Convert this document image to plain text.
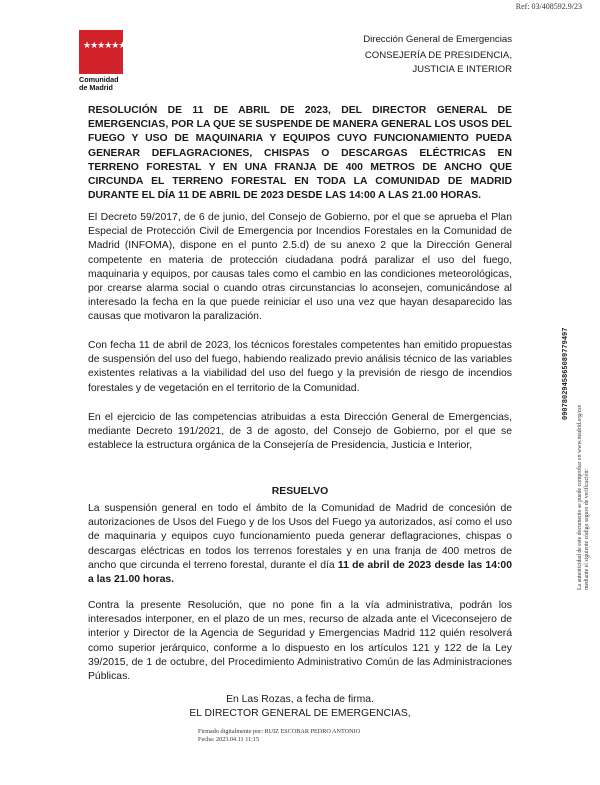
Ref: 03/408592.9/23
★★★★★★★
Comunidad
de Madrid
Dirección General de Emergencias
CONSEJERÍA DE PRESIDENCIA,
JUSTICIA E INTERIOR
RESOLUCIÓN DE 11 DE ABRIL DE 2023, DEL DIRECTOR GENERAL DE EMERGENCIAS, POR LA QUE SE SUSPENDE DE MANERA GENERAL LOS USOS DEL FUEGO Y USO DE MAQUINARIA Y EQUIPOS CUYO FUNCIONAMIENTO PUEDA GENERAR DEFLAGRACIONES, CHISPAS O DESCARGAS ELÉCTRICAS EN TERRENO FORESTAL Y EN UNA FRANJA DE 400 METROS DE ANCHO QUE CIRCUNDA EL TERRENO FORESTAL EN TODA LA COMUNIDAD DE MADRID DURANTE EL DÍA 11 DE ABRIL DE 2023 DESDE LAS 14:00 A LAS 21.00 HORAS.
El Decreto 59/2017, de 6 de junio, del Consejo de Gobierno, por el que se aprueba el Plan Especial de Protección Civil de Emergencia por Incendios Forestales en la Comunidad de Madrid (INFOMA), dispone en el punto 2.5.d) de su anexo 2 que la Dirección General competente en materia de protección ciudadana podrá paralizar el uso del fuego, maquinaria y equipos, por causas tales como el cambio en las condiciones meteorológicas, por crearse alarma social o cuando otras circunstancias lo aconsejen, comunicándose al interesado la fecha en la que puede reiniciar el uso una vez que hayan desaparecido las causas que motivaron la paralización.
Con fecha 11 de abril de 2023, los técnicos forestales competentes han emitido propuestas de suspensión del uso del fuego, habiendo realizado previo análisis técnico de las variables existentes relativas a la viabilidad del uso del fuego y la previsión de riesgo de incendios forestales y de vegetación en el territorio de la Comunidad.
En el ejercicio de las competencias atribuidas a esta Dirección General de Emergencias, mediante Decreto 191/2021, de 3 de agosto, del Consejo de Gobierno, por el que se establece la estructura orgánica de la Consejería de Presidencia, Justicia e Interior,
RESUELVO
La suspensión general en todo el ámbito de la Comunidad de Madrid de concesión de autorizaciones de Usos del Fuego y de los Usos del Fuego ya autorizados, así como el uso de maquinaria y equipos cuyo funcionamiento pueda generar deflagraciones, chispas o descargas eléctricas en todos los terrenos forestales y en una franja de 400 metros de ancho que circunda el terreno forestal, durante el día 11 de abril de 2023 desde las 14:00 a las 21.00 horas.
Contra la presente Resolución, que no pone fin a la vía administrativa, podrán los interesados interponer, en el plazo de un mes, recurso de alzada ante el Viceconsejero de interior y Director de la Agencia de Seguridad y Emergencias Madrid 112 quién resolverá como superior jerárquico, conforme a lo dispuesto en los artículos 121 y 122 de la Ley 39/2015, de 1 de octubre, del Procedimiento Administrativo Común de las Administraciones Públicas.
En Las Rozas, a fecha de firma.
EL DIRECTOR GENERAL DE EMERGENCIAS,
Firmado digitalmente por: RUIZ ESCOBAR PEDRO ANTONIO
Fecha: 2023.04.11 11:15
La autenticidad de este documento se puede comprobar en www.madrid.org/csv mediante el siguiente código seguro de verificación:
0907802945865089779497
